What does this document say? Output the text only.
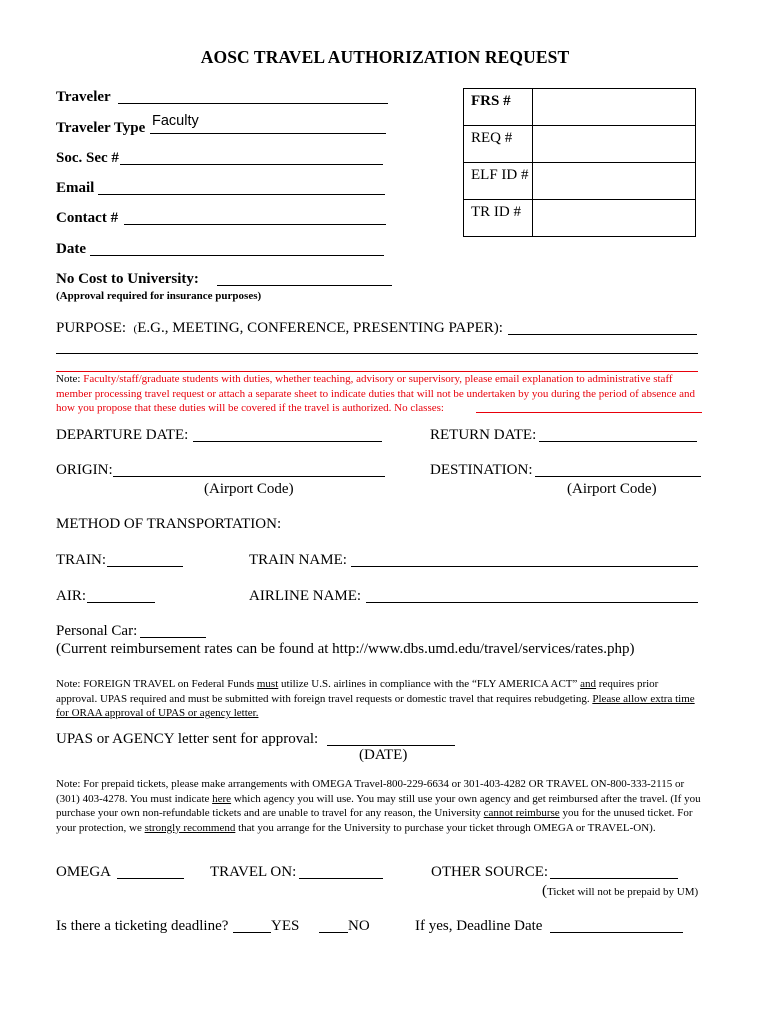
AOSC TRAVEL AUTHORIZATION REQUEST
Traveler
Traveler Type Faculty
Soc. Sec #
Email
Contact #
Date
No Cost to University:
(Approval required for insurance purposes)
FRS #
REQ #
ELF ID #
TR ID #
PURPOSE: (E.G., MEETING, CONFERENCE, PRESENTING PAPER):
Note: Faculty/staff/graduate students with duties, whether teaching, advisory or supervisory, please email explanation to administrative staff member processing travel request or attach a separate sheet to indicate duties that will not be undertaken by you during the period of absence and how you propose that these duties will be covered if the travel is authorized. No classes:
DEPARTURE DATE:	RETURN DATE:
ORIGIN:	DESTINATION:
(Airport Code)	(Airport Code)
METHOD OF TRANSPORTATION:
TRAIN:	TRAIN NAME:
AIR:	AIRLINE NAME:
Personal Car:
(Current reimbursement rates can be found at http://www.dbs.umd.edu/travel/services/rates.php)
Note: FOREIGN TRAVEL on Federal Funds must utilize U.S. airlines in compliance with the “FLY AMERICA ACT” and requires prior approval. UPAS required and must be submitted with foreign travel requests or domestic travel that requires rebudgeting. Please allow extra time for ORAA approval of UPAS or agency letter.
UPAS or AGENCY letter sent for approval:
(DATE)
Note: For prepaid tickets, please make arrangements with OMEGA Travel-800-229-6634 or 301-403-4282 OR TRAVEL ON-800-333-2115 or (301) 403-4278. You must indicate here which agency you will use. You may still use your own agency and get reimbursed after the travel. (If you purchase your own non-refundable tickets and are unable to travel for any reason, the University cannot reimburse you for the unused ticket. For your protection, we strongly recommend that you arrange for the University to purchase your ticket through OMEGA or TRAVEL-ON).
OMEGA	TRAVEL ON:	OTHER SOURCE:
(Ticket will not be prepaid by UM)
Is there a ticketing deadline?	YES	NO	If yes, Deadline Date
